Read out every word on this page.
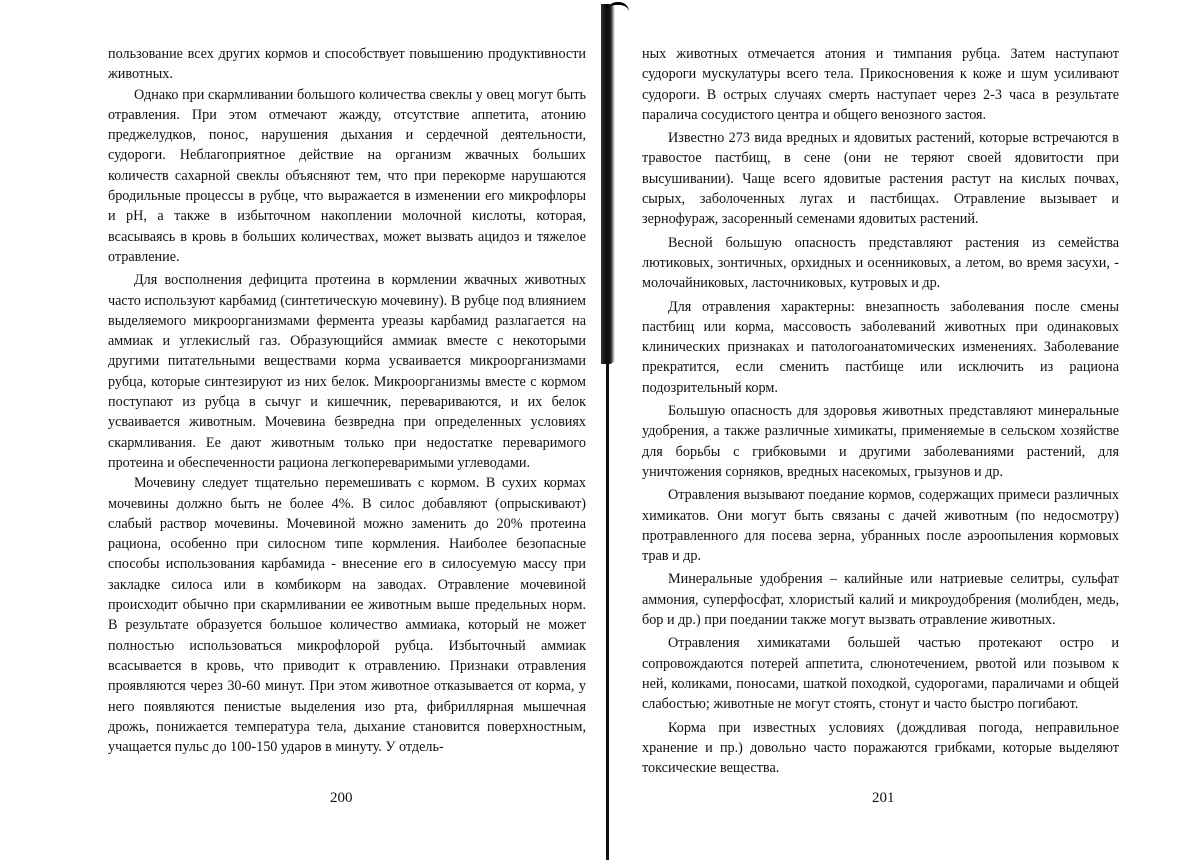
пользование всех других кормов и способствует повышению продуктивности животных.

Однако при скармливании большого количества свеклы у овец могут быть отравления. При этом отмечают жажду, отсутствие аппетита, атонию преджелудков, понос, нарушения дыхания и сердечной деятельности, судороги. Неблагоприятное действие на организм жвачных больших количеств сахарной свеклы объясняют тем, что при перекорме нарушаются бродильные процессы в рубце, что выражается в изменении его микрофлоры и pH, а также в избыточном накоплении молочной кислоты, которая, всасываясь в кровь в больших количествах, может вызвать ацидоз и тяжелое отравление.

Для восполнения дефицита протеина в кормлении жвачных животных часто используют карбамид (синтетическую мочевину). В рубце под влиянием выделяемого микроорганизмами фермента уреазы карбамид разлагается на аммиак и углекислый газ. Образующийся аммиак вместе с некоторыми другими питательными веществами корма усваивается микроорганизмами рубца, которые синтезируют из них белок. Микроорганизмы вместе с кормом поступают из рубца в сычуг и кишечник, перевариваются, и их белок усваивается животным. Мочевина безвредна при определенных условиях скармливания. Ее дают животным только при недостатке переваримого протеина и обеспеченности рациона легкопереваримыми углеводами.

Мочевину следует тщательно перемешивать с кормом. В сухих кормах мочевины должно быть не более 4%. В силос добавляют (опрыскивают) слабый раствор мочевины. Мочевиной можно заменить до 20% протеина рациона, особенно при силосном типе кормления. Наиболее безопасные способы использования карбамида - внесение его в силосуемую массу при закладке силоса или в комбикорм на заводах. Отравление мочевиной происходит обычно при скармливании ее животным выше предельных норм. В результате образуется большое количество аммиака, который не может полностью использоваться микрофлорой рубца. Избыточный аммиак всасывается в кровь, что приводит к отравлению. Признаки отравления проявляются через 30-60 минут. При этом животное отказывается от корма, у него появляются пенистые выделения изо рта, фибриллярная мышечная дрожь, понижается температура тела, дыхание становится поверхностным, учащается пульс до 100-150 ударов в минуту. У отдель-

200

ных животных отмечается атония и тимпания рубца. Затем наступают судороги мускулатуры всего тела. Прикосновения к коже и шум усиливают судороги. В острых случаях смерть наступает через 2-3 часа в результате паралича сосудистого центра и общего венозного застоя.

Известно 273 вида вредных и ядовитых растений, которые встречаются в травостое пастбищ, в сене (они не теряют своей ядовитости при высушивании). Чаще всего ядовитые растения растут на кислых почвах, сырых, заболоченных лугах и пастбищах. Отравление вызывает и зернофураж, засоренный семенами ядовитых растений.

Весной большую опасность представляют растения из семейства лютиковых, зонтичных, орхидных и осенниковых, а летом, во время засухи, - молочайниковых, ласточниковых, кутровых и др.

Для отравления характерны: внезапность заболевания после смены пастбищ или корма, массовость заболеваний животных при одинаковых клинических признаках и патологоанатомических изменениях. Заболевание прекратится, если сменить пастбище или исключить из рациона подозрительный корм.

Большую опасность для здоровья животных представляют минеральные удобрения, а также различные химикаты, применяемые в сельском хозяйстве для борьбы с грибковыми и другими заболеваниями растений, для уничтожения сорняков, вредных насекомых, грызунов и др.

Отравления вызывают поедание кормов, содержащих примеси различных химикатов. Они могут быть связаны с дачей животным (по недосмотру) протравленного для посева зерна, убранных после аэроопыления кормовых трав и др.

Минеральные удобрения – калийные или натриевые селитры, сульфат аммония, суперфосфат, хлористый калий и микроудобрения (молибден, медь, бор и др.) при поедании также могут вызвать отравление животных.

Отравления химикатами большей частью протекают остро и сопровождаются потерей аппетита, слюнотечением, рвотой или позывом к ней, коликами, поносами, шаткой походкой, судорогами, параличами и общей слабостью; животные не могут стоять, стонут и часто быстро погибают.

Корма при известных условиях (дождливая погода, неправильное хранение и пр.) довольно часто поражаются грибками, которые выделяют токсические вещества.

201
